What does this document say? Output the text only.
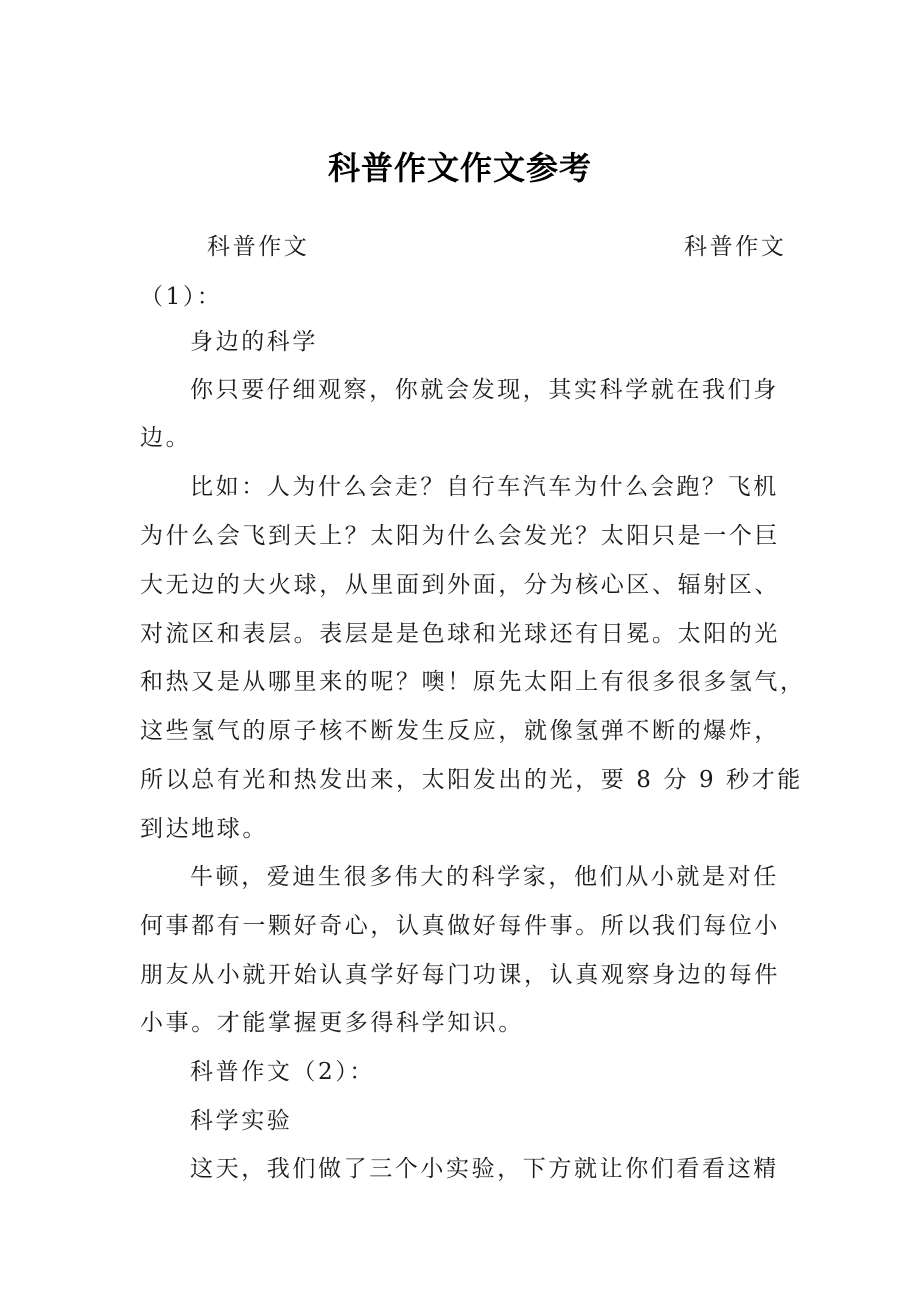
科普作文作文参考
科普作文	科普作文
（1）：
身边的科学
你只要仔细观察，你就会发现，其实科学就在我们身
边。
比如：人为什么会走？自行车汽车为什么会跑？飞机
为什么会飞到天上？太阳为什么会发光？太阳只是一个巨
大无边的大火球，从里面到外面，分为核心区、辐射区、
对流区和表层。表层是是色球和光球还有日冕。太阳的光
和热又是从哪里来的呢？噢！原先太阳上有很多很多氢气，
这些氢气的原子核不断发生反应，就像氢弹不断的爆炸，
所以总有光和热发出来，太阳发出的光，要 8 分 9 秒才能
到达地球。
牛顿，爱迪生很多伟大的科学家，他们从小就是对任
何事都有一颗好奇心，认真做好每件事。所以我们每位小
朋友从小就开始认真学好每门功课，认真观察身边的每件
小事。才能掌握更多得科学知识。
科普作文（2）：
科学实验
这天，我们做了三个小实验，下方就让你们看看这精
